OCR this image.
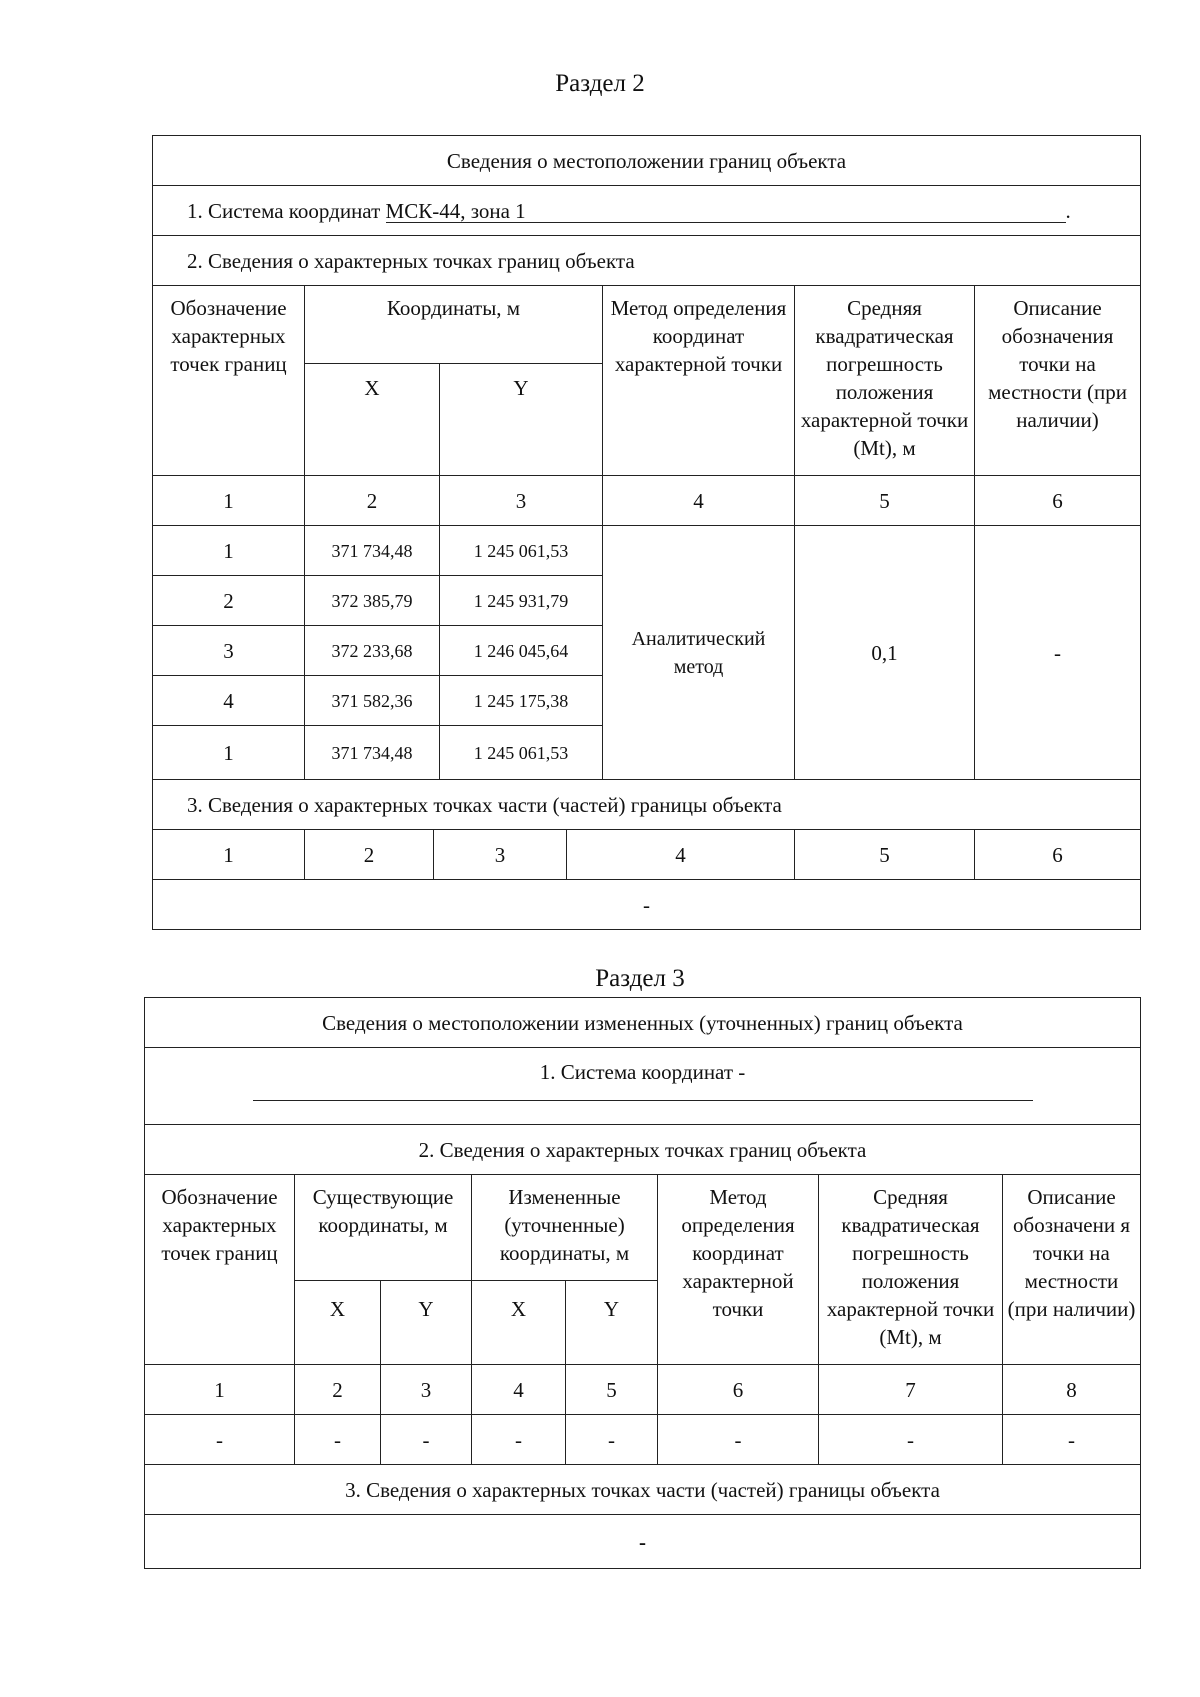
Раздел 2
Сведения о местоположении границ объекта					
1. Система координат МСК-44, зона 1 .					
2. Сведения о характерных точках границ объекта					
Обозначение характерных точек границ	Координаты, м		Метод определения координат характерной точки	Средняя квадратическая погрешность положения характерной точки (Mt), м	Описание обозначения точки на местности (при наличии)
	X	Y			
1	2	3	4	5	6
1	371 734,48	1 245 061,53	Аналитический метод	0,1	-
2	372 385,79	1 245 931,79			
3	372 233,68	1 246 045,64			
4	371 582,36	1 245 175,38			
1	371 734,48	1 245 061,53			
3. Сведения о характерных точках части (частей) границы объекта					
1	2	3	4	5	6
-
Раздел 3
Сведения о местоположении измененных (уточненных) границ объекта							
1. Система координат -							

2. Сведения о характерных точках границ объекта							
Обозначение характерных точек границ	Существующие координаты, м		Измененные (уточненные) координаты, м		Метод определения координат характерной точки	Средняя квадратическая погрешность положения характерной точки (Mt), м	Описание обозначени я точки на местности (при наличии)
	X	Y	X	Y			
1	2	3	4	5	6	7	8
-	-	-	-	-	-	-	-
3. Сведения о характерных точках части (частей) границы объекта							
-							
